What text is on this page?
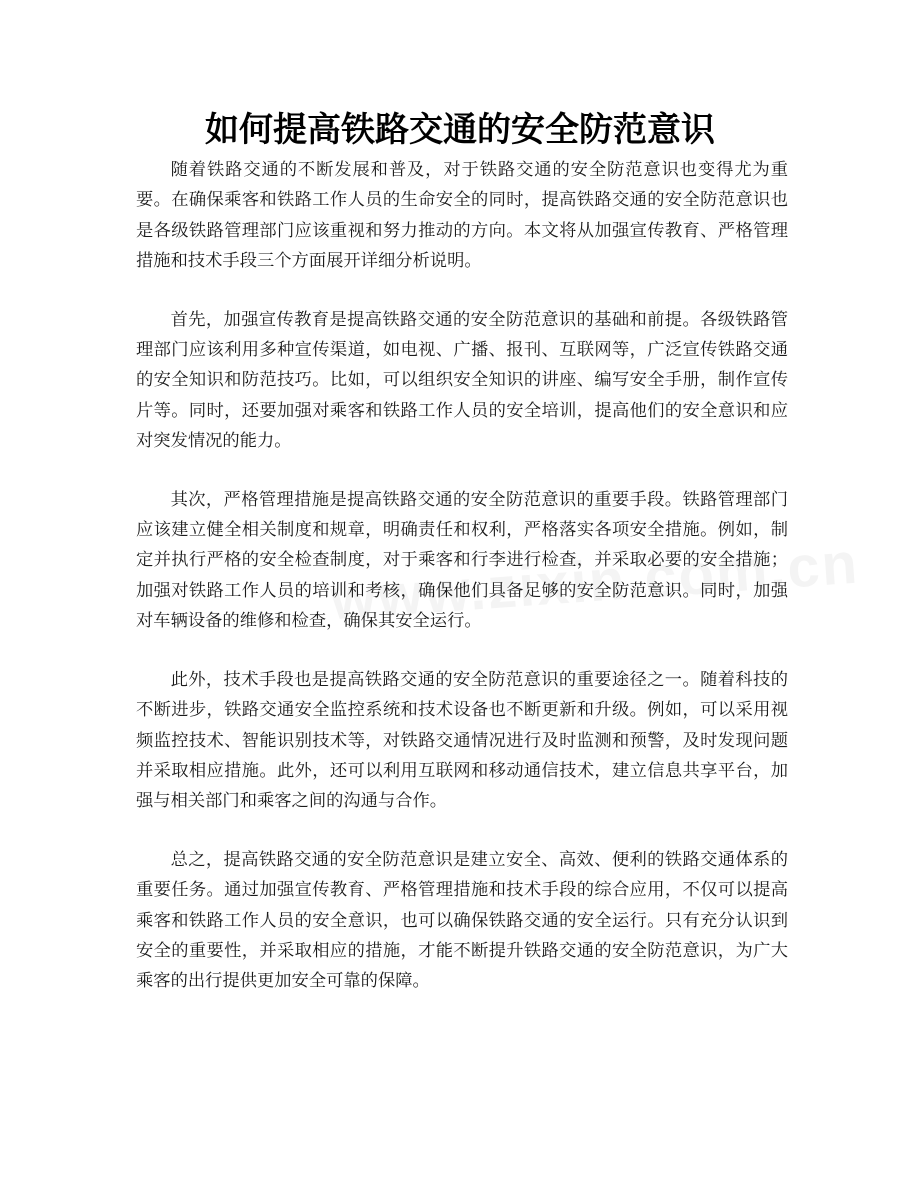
如何提高铁路交通的安全防范意识

随着铁路交通的不断发展和普及，对于铁路交通的安全防范意识也变得尤为重要。在确保乘客和铁路工作人员的生命安全的同时，提高铁路交通的安全防范意识也是各级铁路管理部门应该重视和努力推动的方向。本文将从加强宣传教育、严格管理措施和技术手段三个方面展开详细分析说明。

首先，加强宣传教育是提高铁路交通的安全防范意识的基础和前提。各级铁路管理部门应该利用多种宣传渠道，如电视、广播、报刊、互联网等，广泛宣传铁路交通的安全知识和防范技巧。比如，可以组织安全知识的讲座、编写安全手册，制作宣传片等。同时，还要加强对乘客和铁路工作人员的安全培训，提高他们的安全意识和应对突发情况的能力。

其次，严格管理措施是提高铁路交通的安全防范意识的重要手段。铁路管理部门应该建立健全相关制度和规章，明确责任和权利，严格落实各项安全措施。例如，制定并执行严格的安全检查制度，对于乘客和行李进行检查，并采取必要的安全措施；加强对铁路工作人员的培训和考核，确保他们具备足够的安全防范意识。同时，加强对车辆设备的维修和检查，确保其安全运行。

此外，技术手段也是提高铁路交通的安全防范意识的重要途径之一。随着科技的不断进步，铁路交通安全监控系统和技术设备也不断更新和升级。例如，可以采用视频监控技术、智能识别技术等，对铁路交通情况进行及时监测和预警，及时发现问题并采取相应措施。此外，还可以利用互联网和移动通信技术，建立信息共享平台，加强与相关部门和乘客之间的沟通与合作。

总之，提高铁路交通的安全防范意识是建立安全、高效、便利的铁路交通体系的重要任务。通过加强宣传教育、严格管理措施和技术手段的综合应用，不仅可以提高乘客和铁路工作人员的安全意识，也可以确保铁路交通的安全运行。只有充分认识到安全的重要性，并采取相应的措施，才能不断提升铁路交通的安全防范意识，为广大乘客的出行提供更加安全可靠的保障。
